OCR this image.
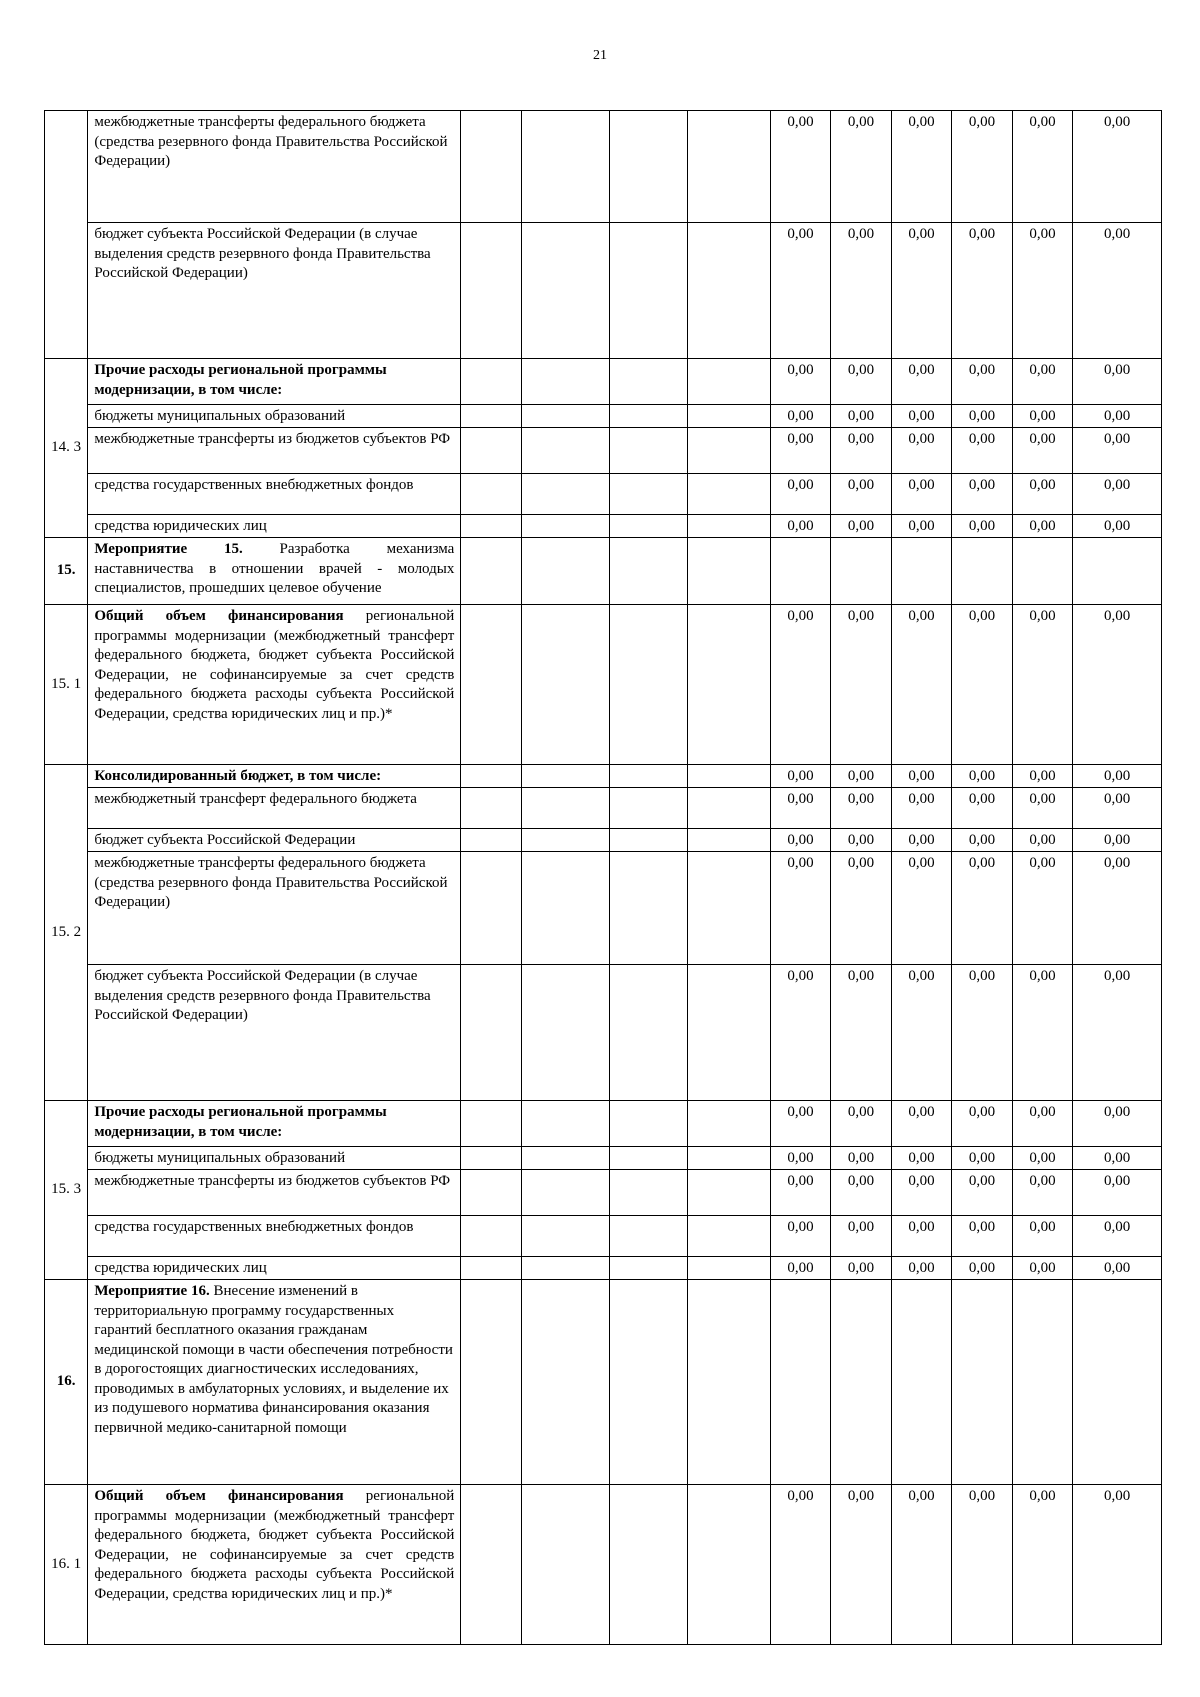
21
	межбюджетные трансферты федерального бюджета (средства резервного фонда Правительства Российской Федерации)					0,00	0,00	0,00	0,00	0,00	0,00
	бюджет субъекта Российской Федерации (в случае выделения средств резервного фонда Правительства Российской Федерации)					0,00	0,00	0,00	0,00	0,00	0,00
14. 3	Прочие расходы региональной программы модернизации, в том числе:					0,00	0,00	0,00	0,00	0,00	0,00
	бюджеты муниципальных образований					0,00	0,00	0,00	0,00	0,00	0,00
	межбюджетные трансферты из бюджетов субъектов РФ					0,00	0,00	0,00	0,00	0,00	0,00
	средства государственных внебюджетных фондов					0,00	0,00	0,00	0,00	0,00	0,00
	средства юридических лиц					0,00	0,00	0,00	0,00	0,00	0,00
15.	Мероприятие 15. Разработка механизма наставничества в отношении врачей - молодых специалистов, прошедших целевое обучение										
15. 1	Общий объем финансирования региональной программы модернизации (межбюджетный трансферт федерального бюджета, бюджет субъекта Российской Федерации, не софинансируемые за счет средств федерального бюджета расходы субъекта Российской Федерации, средства юридических лиц и пр.)*					0,00	0,00	0,00	0,00	0,00	0,00
15. 2	Консолидированный бюджет, в том числе:					0,00	0,00	0,00	0,00	0,00	0,00
	межбюджетный трансферт федерального бюджета					0,00	0,00	0,00	0,00	0,00	0,00
	бюджет субъекта Российской Федерации					0,00	0,00	0,00	0,00	0,00	0,00
	межбюджетные трансферты федерального бюджета (средства резервного фонда Правительства Российской Федерации)					0,00	0,00	0,00	0,00	0,00	0,00
	бюджет субъекта Российской Федерации (в случае выделения средств резервного фонда Правительства Российской Федерации)					0,00	0,00	0,00	0,00	0,00	0,00
15. 3	Прочие расходы региональной программы модернизации, в том числе:					0,00	0,00	0,00	0,00	0,00	0,00
	бюджеты муниципальных образований					0,00	0,00	0,00	0,00	0,00	0,00
	межбюджетные трансферты из бюджетов субъектов РФ					0,00	0,00	0,00	0,00	0,00	0,00
	средства государственных внебюджетных фондов					0,00	0,00	0,00	0,00	0,00	0,00
	средства юридических лиц					0,00	0,00	0,00	0,00	0,00	0,00
16.	Мероприятие 16. Внесение изменений в территориальную программу государственных гарантий бесплатного оказания гражданам медицинской помощи в части обеспечения потребности в дорогостоящих диагностических исследованиях, проводимых в амбулаторных условиях, и выделение их из подушевого норматива финансирования оказания первичной медико-санитарной помощи										
16. 1	Общий объем финансирования региональной программы модернизации (межбюджетный трансферт федерального бюджета, бюджет субъекта Российской Федерации, не софинансируемые за счет средств федерального бюджета расходы субъекта Российской Федерации, средства юридических лиц и пр.)*					0,00	0,00	0,00	0,00	0,00	0,00
